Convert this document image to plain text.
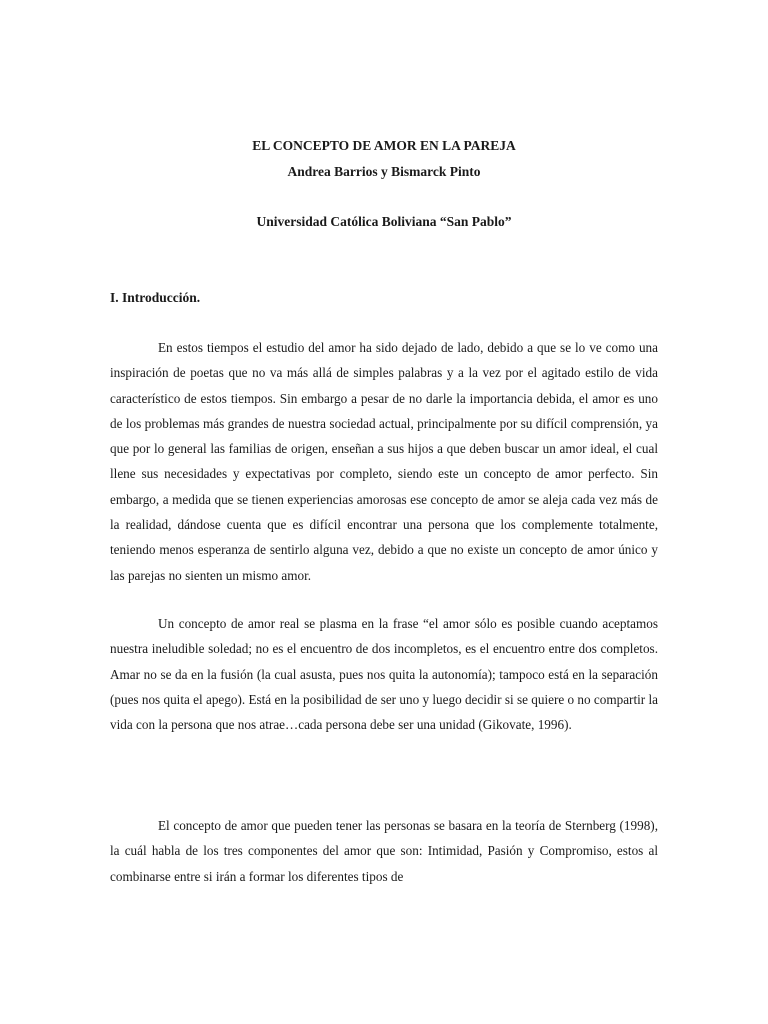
EL CONCEPTO DE AMOR EN LA PAREJA
Andrea Barrios y Bismarck Pinto
Universidad Católica Boliviana “San Pablo”
I. Introducción.

En estos tiempos el estudio del amor ha sido dejado de lado, debido a que se lo ve como una inspiración de poetas que no va más allá de simples palabras y a la vez por el agitado estilo de vida característico de estos tiempos. Sin embargo a pesar de no darle la importancia debida, el amor es uno de los problemas más grandes de nuestra sociedad actual, principalmente por su difícil comprensión, ya que por lo general las familias de origen, enseñan a sus hijos a que deben buscar un amor ideal, el cual llene sus necesidades y expectativas por completo, siendo este un concepto de amor perfecto. Sin embargo, a medida que se tienen experiencias amorosas ese concepto de amor se aleja cada vez más de la realidad, dándose cuenta que es difícil encontrar una persona que los complemente totalmente, teniendo menos esperanza de sentirlo alguna vez, debido a que no existe un concepto de amor único y las parejas no sienten un mismo amor.

Un concepto de amor real se plasma en la frase “el amor sólo es posible cuando aceptamos nuestra ineludible soledad; no es el encuentro de dos incompletos, es el encuentro entre dos completos. Amar no se da en la fusión (la cual asusta, pues nos quita la autonomía); tampoco está en la separación (pues nos quita el apego). Está en la posibilidad de ser uno y luego decidir si se quiere o no compartir la vida con la persona que nos atrae…cada persona debe ser una unidad (Gikovate, 1996).

El concepto de amor que pueden tener las personas se basara en la teoría de Sternberg (1998), la cuál habla de los tres componentes del amor que son: Intimidad, Pasión y Compromiso, estos al combinarse entre si irán a formar los diferentes tipos de
